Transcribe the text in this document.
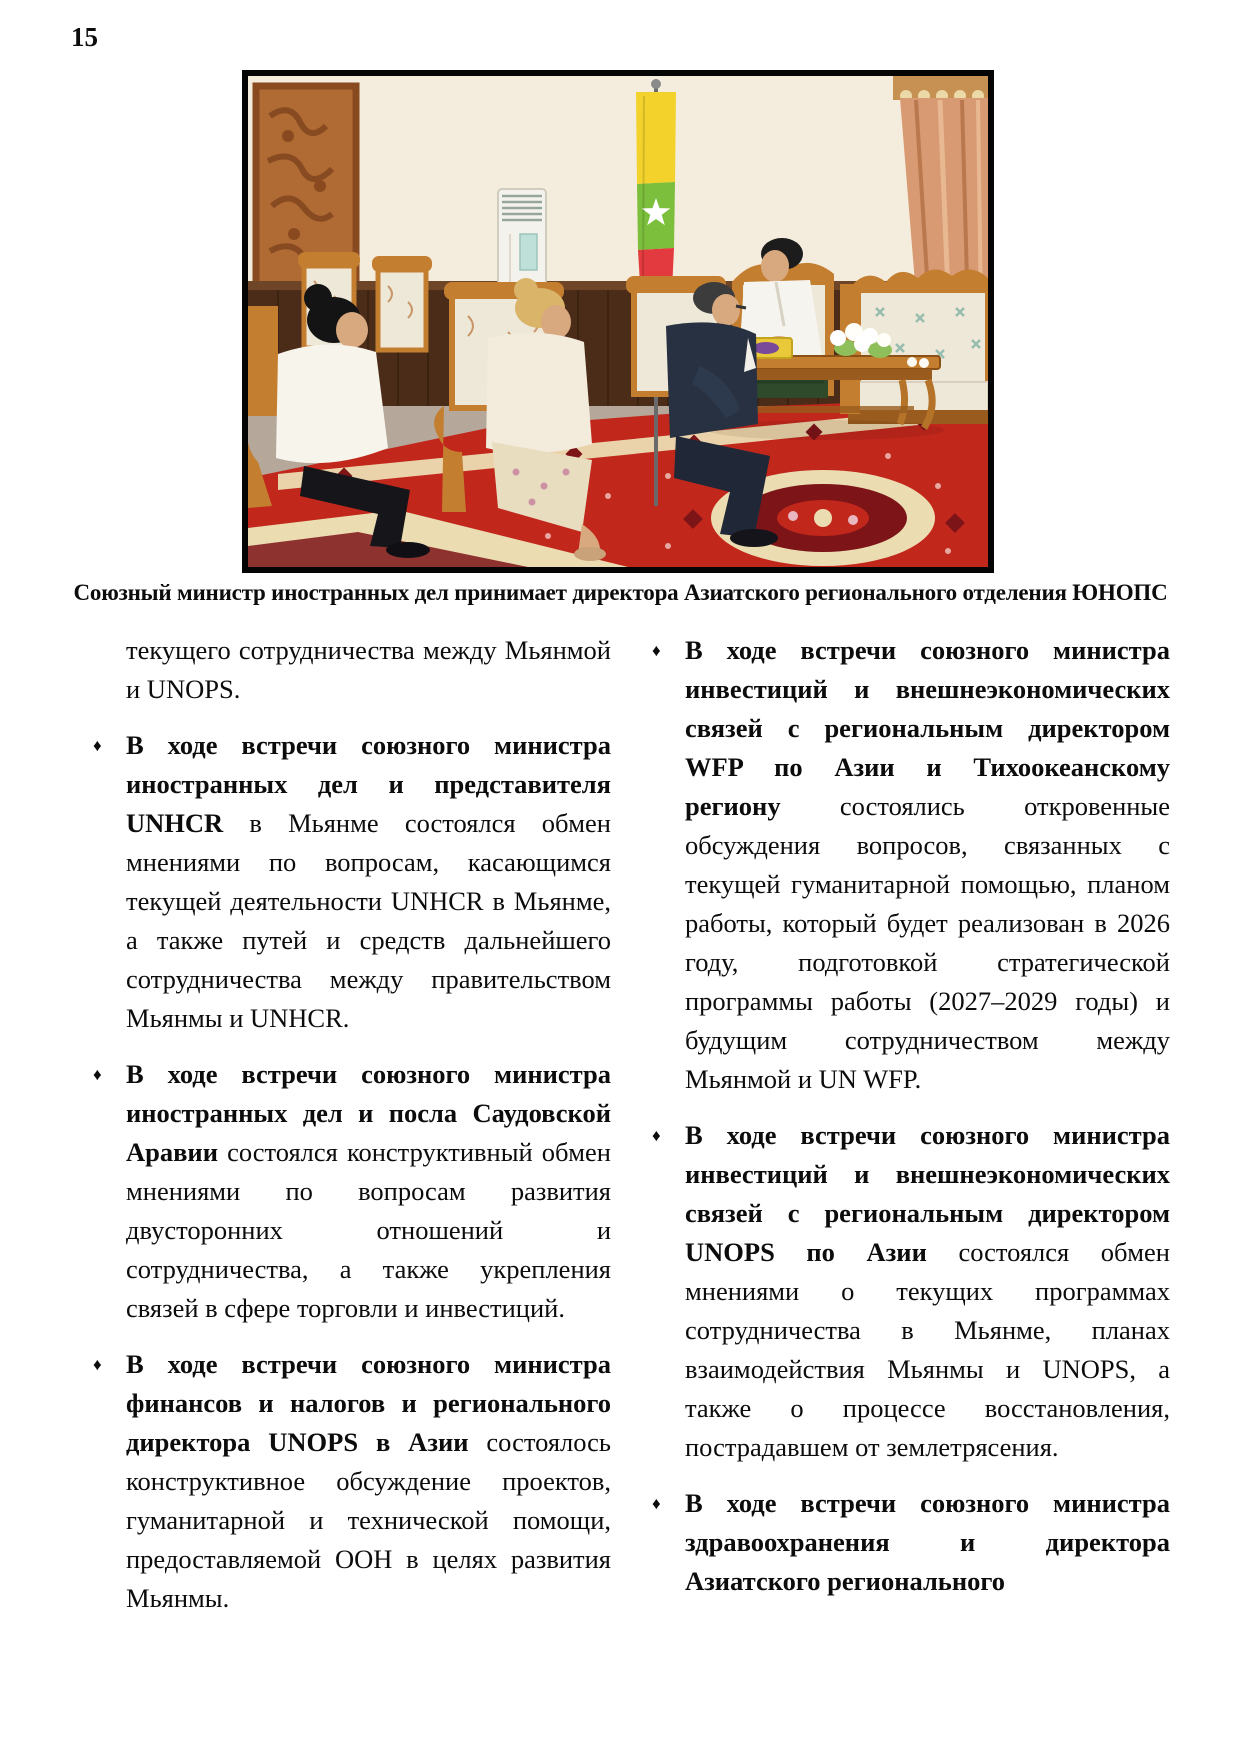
15
Союзный министр иностранных дел принимает директора Азиатского регионального отделения ЮНОПС

текущего сотрудничества между Мьянмой и UNOPS.

♦ В ходе встречи союзного министра иностранных дел и представителя UNHCR в Мьянме состоялся обмен мнениями по вопросам, касающимся текущей деятельности UNHCR в Мьянме, а также путей и средств дальнейшего сотрудничества между правительством Мьянмы и UNHCR.

♦ В ходе встречи союзного министра иностранных дел и посла Саудовской Аравии состоялся конструктивный обмен мнениями по вопросам развития двусторонних отношений и сотрудничества, а также укрепления связей в сфере торговли и инвестиций.

♦ В ходе встречи союзного министра финансов и налогов и регионального директора UNOPS в Азии состоялось конструктивное обсуждение проектов, гуманитарной и технической помощи, предоставляемой ООН в целях развития Мьянмы.

♦ В ходе встречи союзного министра инвестиций и внешнеэкономических связей с региональным директором WFP по Азии и Тихоокеанскому региону состоялись откровенные обсуждения вопросов, связанных с текущей гуманитарной помощью, планом работы, который будет реализован в 2026 году, подготовкой стратегической программы работы (2027–2029 годы) и будущим сотрудничеством между Мьянмой и UN WFP.

♦ В ходе встречи союзного министра инвестиций и внешнеэкономических связей с региональным директором UNOPS по Азии состоялся обмен мнениями о текущих программах сотрудничества в Мьянме, планах взаимодействия Мьянмы и UNOPS, а также о процессе восстановления, пострадавшем от землетрясения.

♦ В ходе встречи союзного министра здравоохранения и директора Азиатского регионального
